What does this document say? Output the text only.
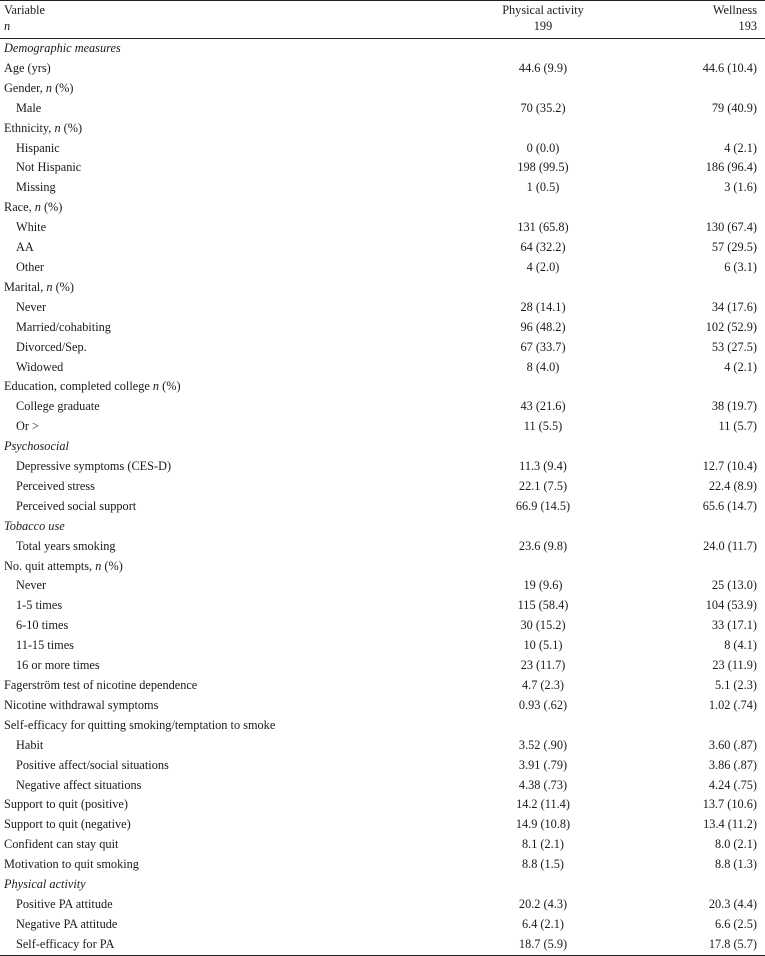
Variable	Physical activity	Wellness
n	199	193
Demographic measures		
Age (yrs)	44.6 (9.9)	44.6 (10.4)
Gender, n (%)		
Male	70 (35.2)	79 (40.9)
Ethnicity, n (%)		
Hispanic	0 (0.0)	4 (2.1)
Not Hispanic	198 (99.5)	186 (96.4)
Missing	1 (0.5)	3 (1.6)
Race, n (%)		
White	131 (65.8)	130 (67.4)
AA	64 (32.2)	57 (29.5)
Other	4 (2.0)	6 (3.1)
Marital, n (%)		
Never	28 (14.1)	34 (17.6)
Married/cohabiting	96 (48.2)	102 (52.9)
Divorced/Sep.	67 (33.7)	53 (27.5)
Widowed	8 (4.0)	4 (2.1)
Education, completed college n (%)		
College graduate	43 (21.6)	38 (19.7)
Or >	11 (5.5)	11 (5.7)
Psychosocial		
Depressive symptoms (CES-D)	11.3 (9.4)	12.7 (10.4)
Perceived stress	22.1 (7.5)	22.4 (8.9)
Perceived social support	66.9 (14.5)	65.6 (14.7)
Tobacco use		
Total years smoking	23.6 (9.8)	24.0 (11.7)
No. quit attempts, n (%)		
Never	19 (9.6)	25 (13.0)
1-5 times	115 (58.4)	104 (53.9)
6-10 times	30 (15.2)	33 (17.1)
11-15 times	10 (5.1)	8 (4.1)
16 or more times	23 (11.7)	23 (11.9)
Fagerström test of nicotine dependence	4.7 (2.3)	5.1 (2.3)
Nicotine withdrawal symptoms	0.93 (.62)	1.02 (.74)
Self-efficacy for quitting smoking/temptation to smoke		
Habit	3.52 (.90)	3.60 (.87)
Positive affect/social situations	3.91 (.79)	3.86 (.87)
Negative affect situations	4.38 (.73)	4.24 (.75)
Support to quit (positive)	14.2 (11.4)	13.7 (10.6)
Support to quit (negative)	14.9 (10.8)	13.4 (11.2)
Confident can stay quit	8.1 (2.1)	8.0 (2.1)
Motivation to quit smoking	8.8 (1.5)	8.8 (1.3)
Physical activity		
Positive PA attitude	20.2 (4.3)	20.3 (4.4)
Negative PA attitude	6.4 (2.1)	6.6 (2.5)
Self-efficacy for PA	18.7 (5.9)	17.8 (5.7)
